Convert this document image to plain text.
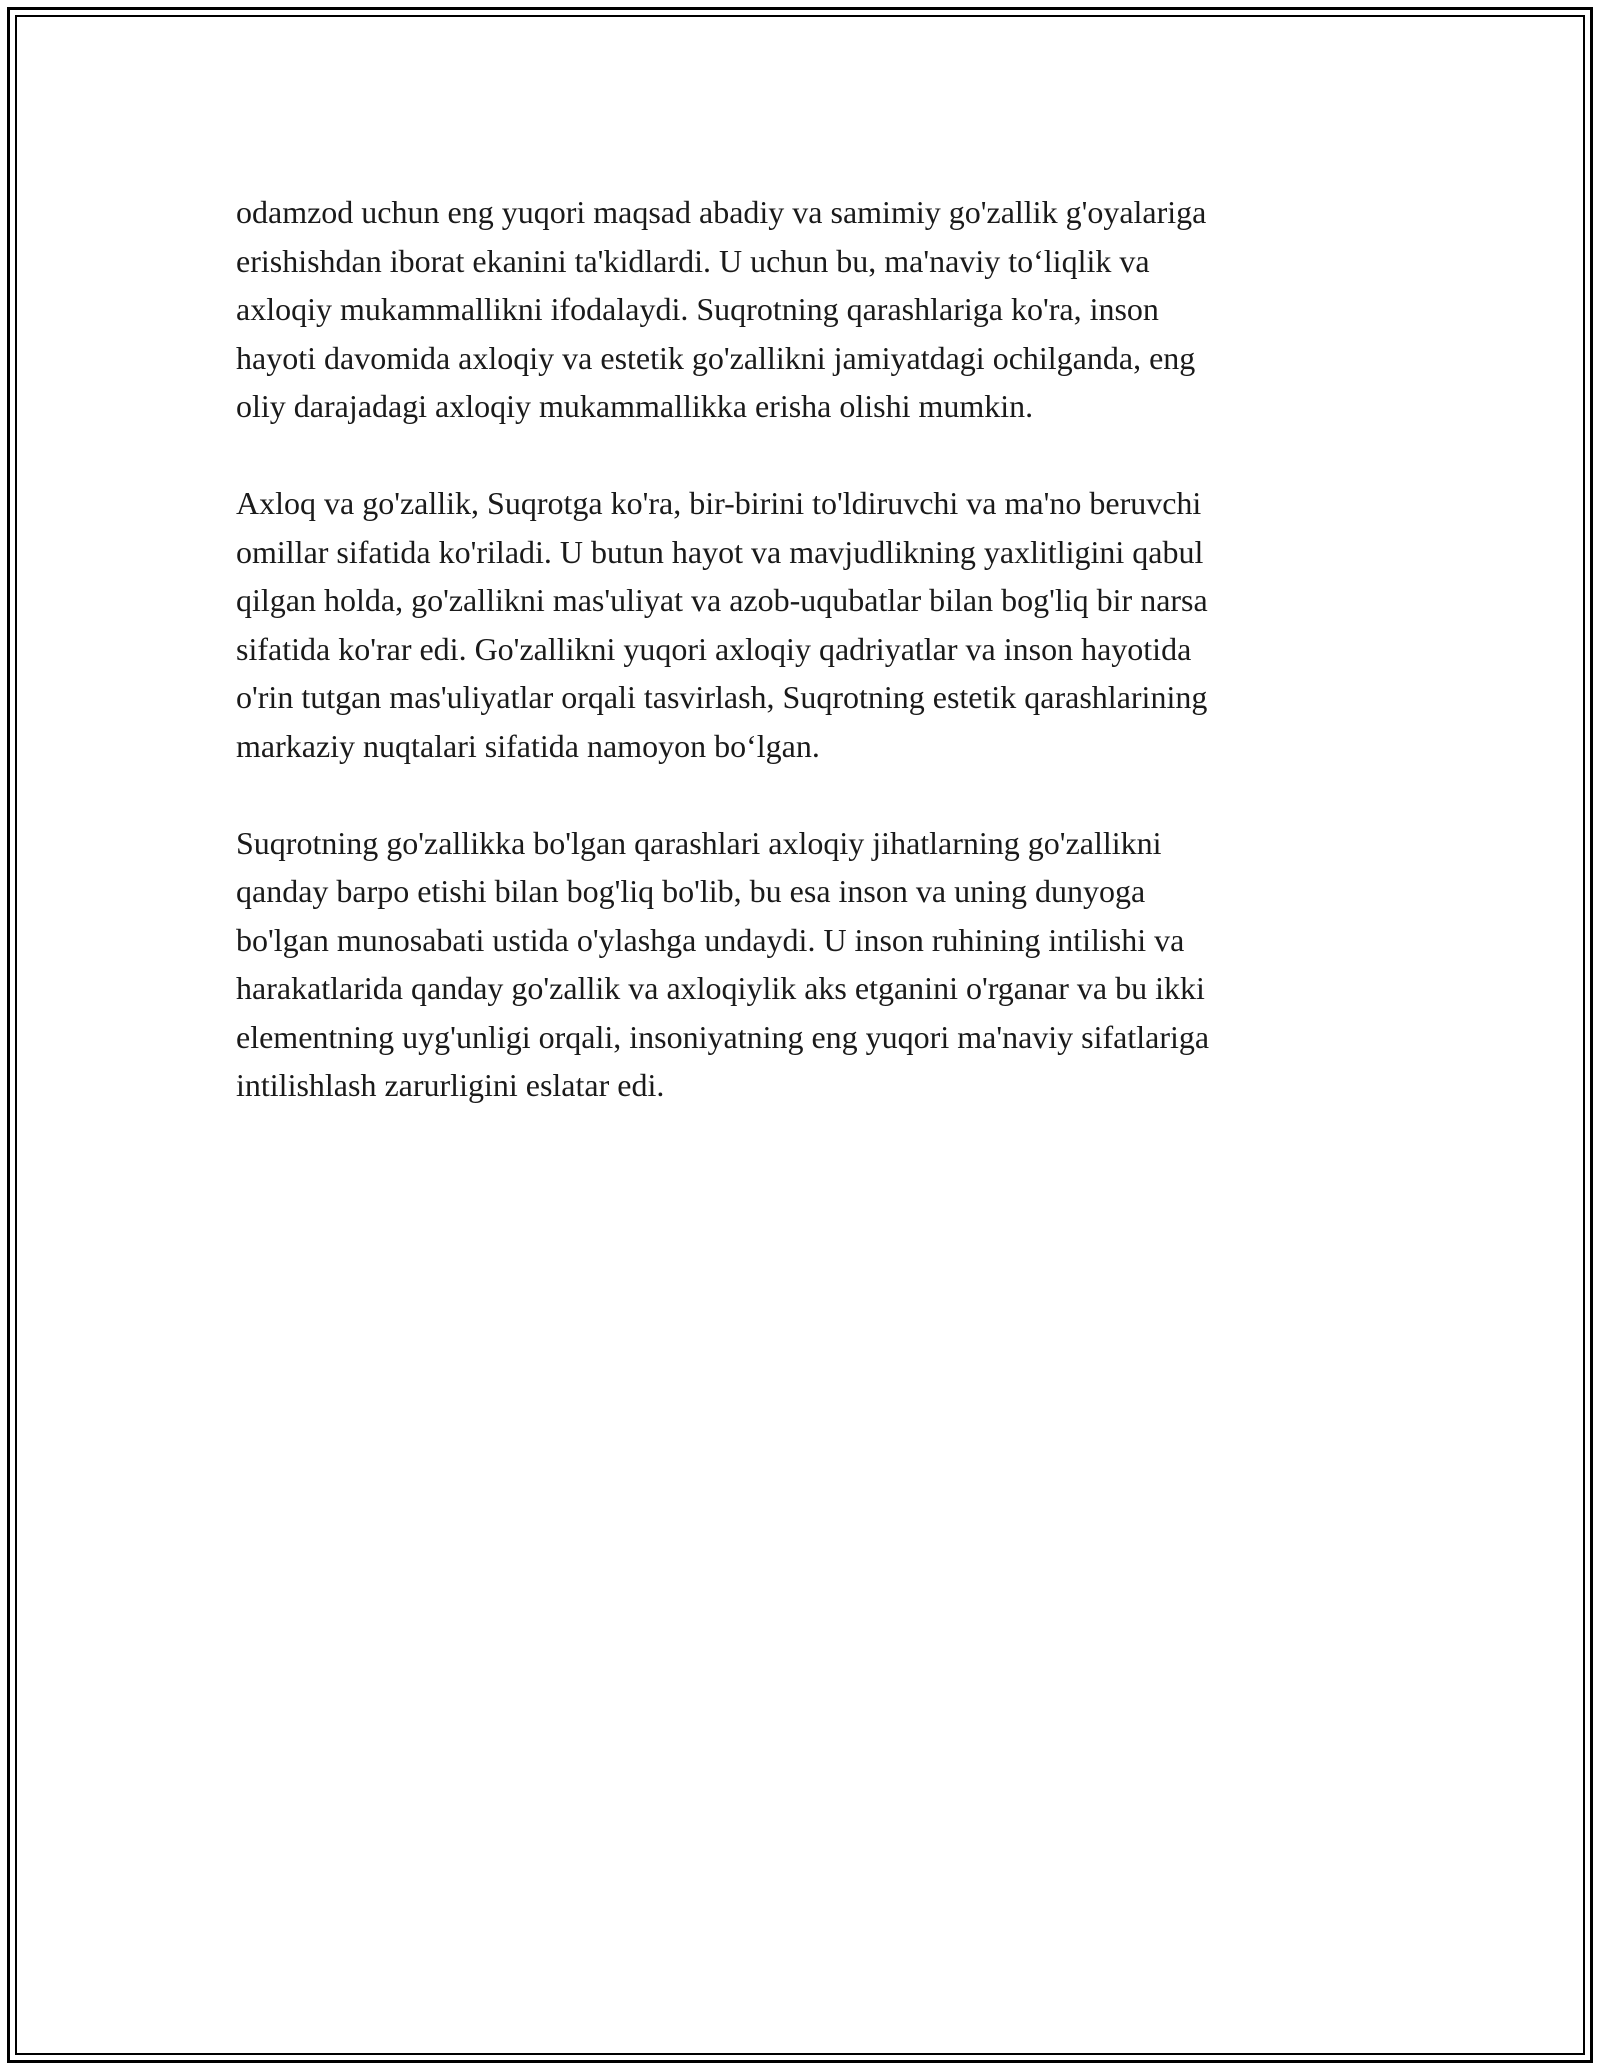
odamzod uchun eng yuqori maqsad abadiy va samimiy go'zallik g'oyalariga
erishishdan iborat ekanini ta'kidlardi. U uchun bu, ma'naviy to‘liqlik va
axloqiy mukammallikni ifodalaydi. Suqrotning qarashlariga ko'ra, inson
hayoti davomida axloqiy va estetik go'zallikni jamiyatdagi ochilganda, eng
oliy darajadagi axloqiy mukammallikka erisha olishi mumkin.

Axloq va go'zallik, Suqrotga ko'ra, bir-birini to'ldiruvchi va ma'no beruvchi
omillar sifatida ko'riladi. U butun hayot va mavjudlikning yaxlitligini qabul
qilgan holda, go'zallikni mas'uliyat va azob-uqubatlar bilan bog'liq bir narsa
sifatida ko'rar edi. Go'zallikni yuqori axloqiy qadriyatlar va inson hayotida
o'rin tutgan mas'uliyatlar orqali tasvirlash, Suqrotning estetik qarashlarining
markaziy nuqtalari sifatida namoyon bo‘lgan.

Suqrotning go'zallikka bo'lgan qarashlari axloqiy jihatlarning go'zallikni
qanday barpo etishi bilan bog'liq bo'lib, bu esa inson va uning dunyoga
bo'lgan munosabati ustida o'ylashga undaydi. U inson ruhining intilishi va
harakatlarida qanday go'zallik va axloqiylik aks etganini o'rganar va bu ikki
elementning uyg'unligi orqali, insoniyatning eng yuqori ma'naviy sifatlariga
intilishlash zarurligini eslatar edi.
